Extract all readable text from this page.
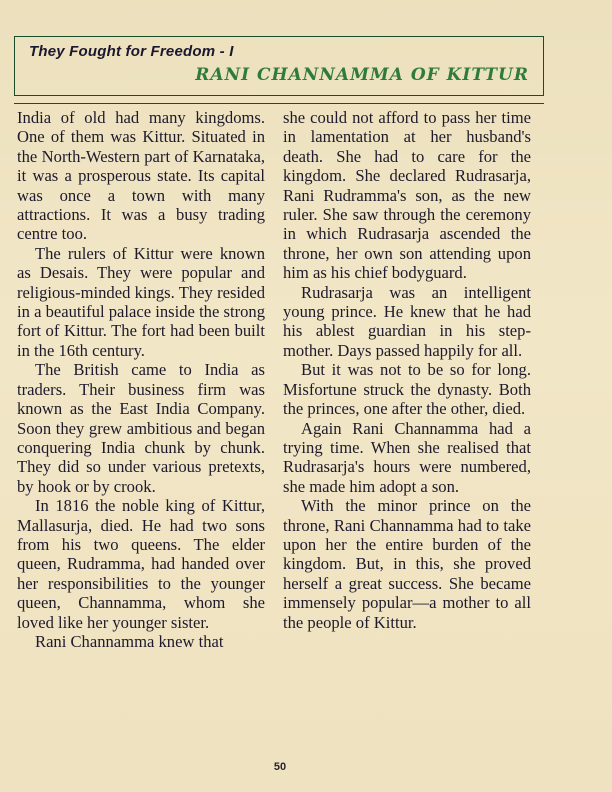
They Fought for Freedom - I
RANI CHANNAMMA OF KITTUR

India of old had many kingdoms. One of them was Kittur. Situated in the North-Western part of Karnataka, it was a prosperous state. Its capital was once a town with many attractions. It was a busy trading centre too.

The rulers of Kittur were known as Desais. They were popular and religious-minded kings. They resided in a beautiful palace inside the strong fort of Kittur. The fort had been built in the 16th century.

The British came to India as traders. Their business firm was known as the East India Company. Soon they grew ambitious and began conquering India chunk by chunk. They did so under various pretexts, by hook or by crook.

In 1816 the noble king of Kittur, Mallasurja, died. He had two sons from his two queens. The elder queen, Rudramma, had handed over her responsibilities to the younger queen, Channamma, whom she loved like her younger sister.

Rani Channamma knew that

she could not afford to pass her time in lamentation at her husband's death. She had to care for the kingdom. She declared Rudrasarja, Rani Rudramma's son, as the new ruler. She saw through the ceremony in which Rudrasarja ascended the throne, her own son attending upon him as his chief bodyguard.

Rudrasarja was an intelligent young prince. He knew that he had his ablest guardian in his step-mother. Days passed happily for all.

But it was not to be so for long. Misfortune struck the dynasty. Both the princes, one after the other, died.

Again Rani Channamma had a trying time. When she realised that Rudrasarja's hours were numbered, she made him adopt a son.

With the minor prince on the throne, Rani Channamma had to take upon her the entire burden of the kingdom. But, in this, she proved herself a great success. She became immensely popular—a mother to all the people of Kittur.

50
